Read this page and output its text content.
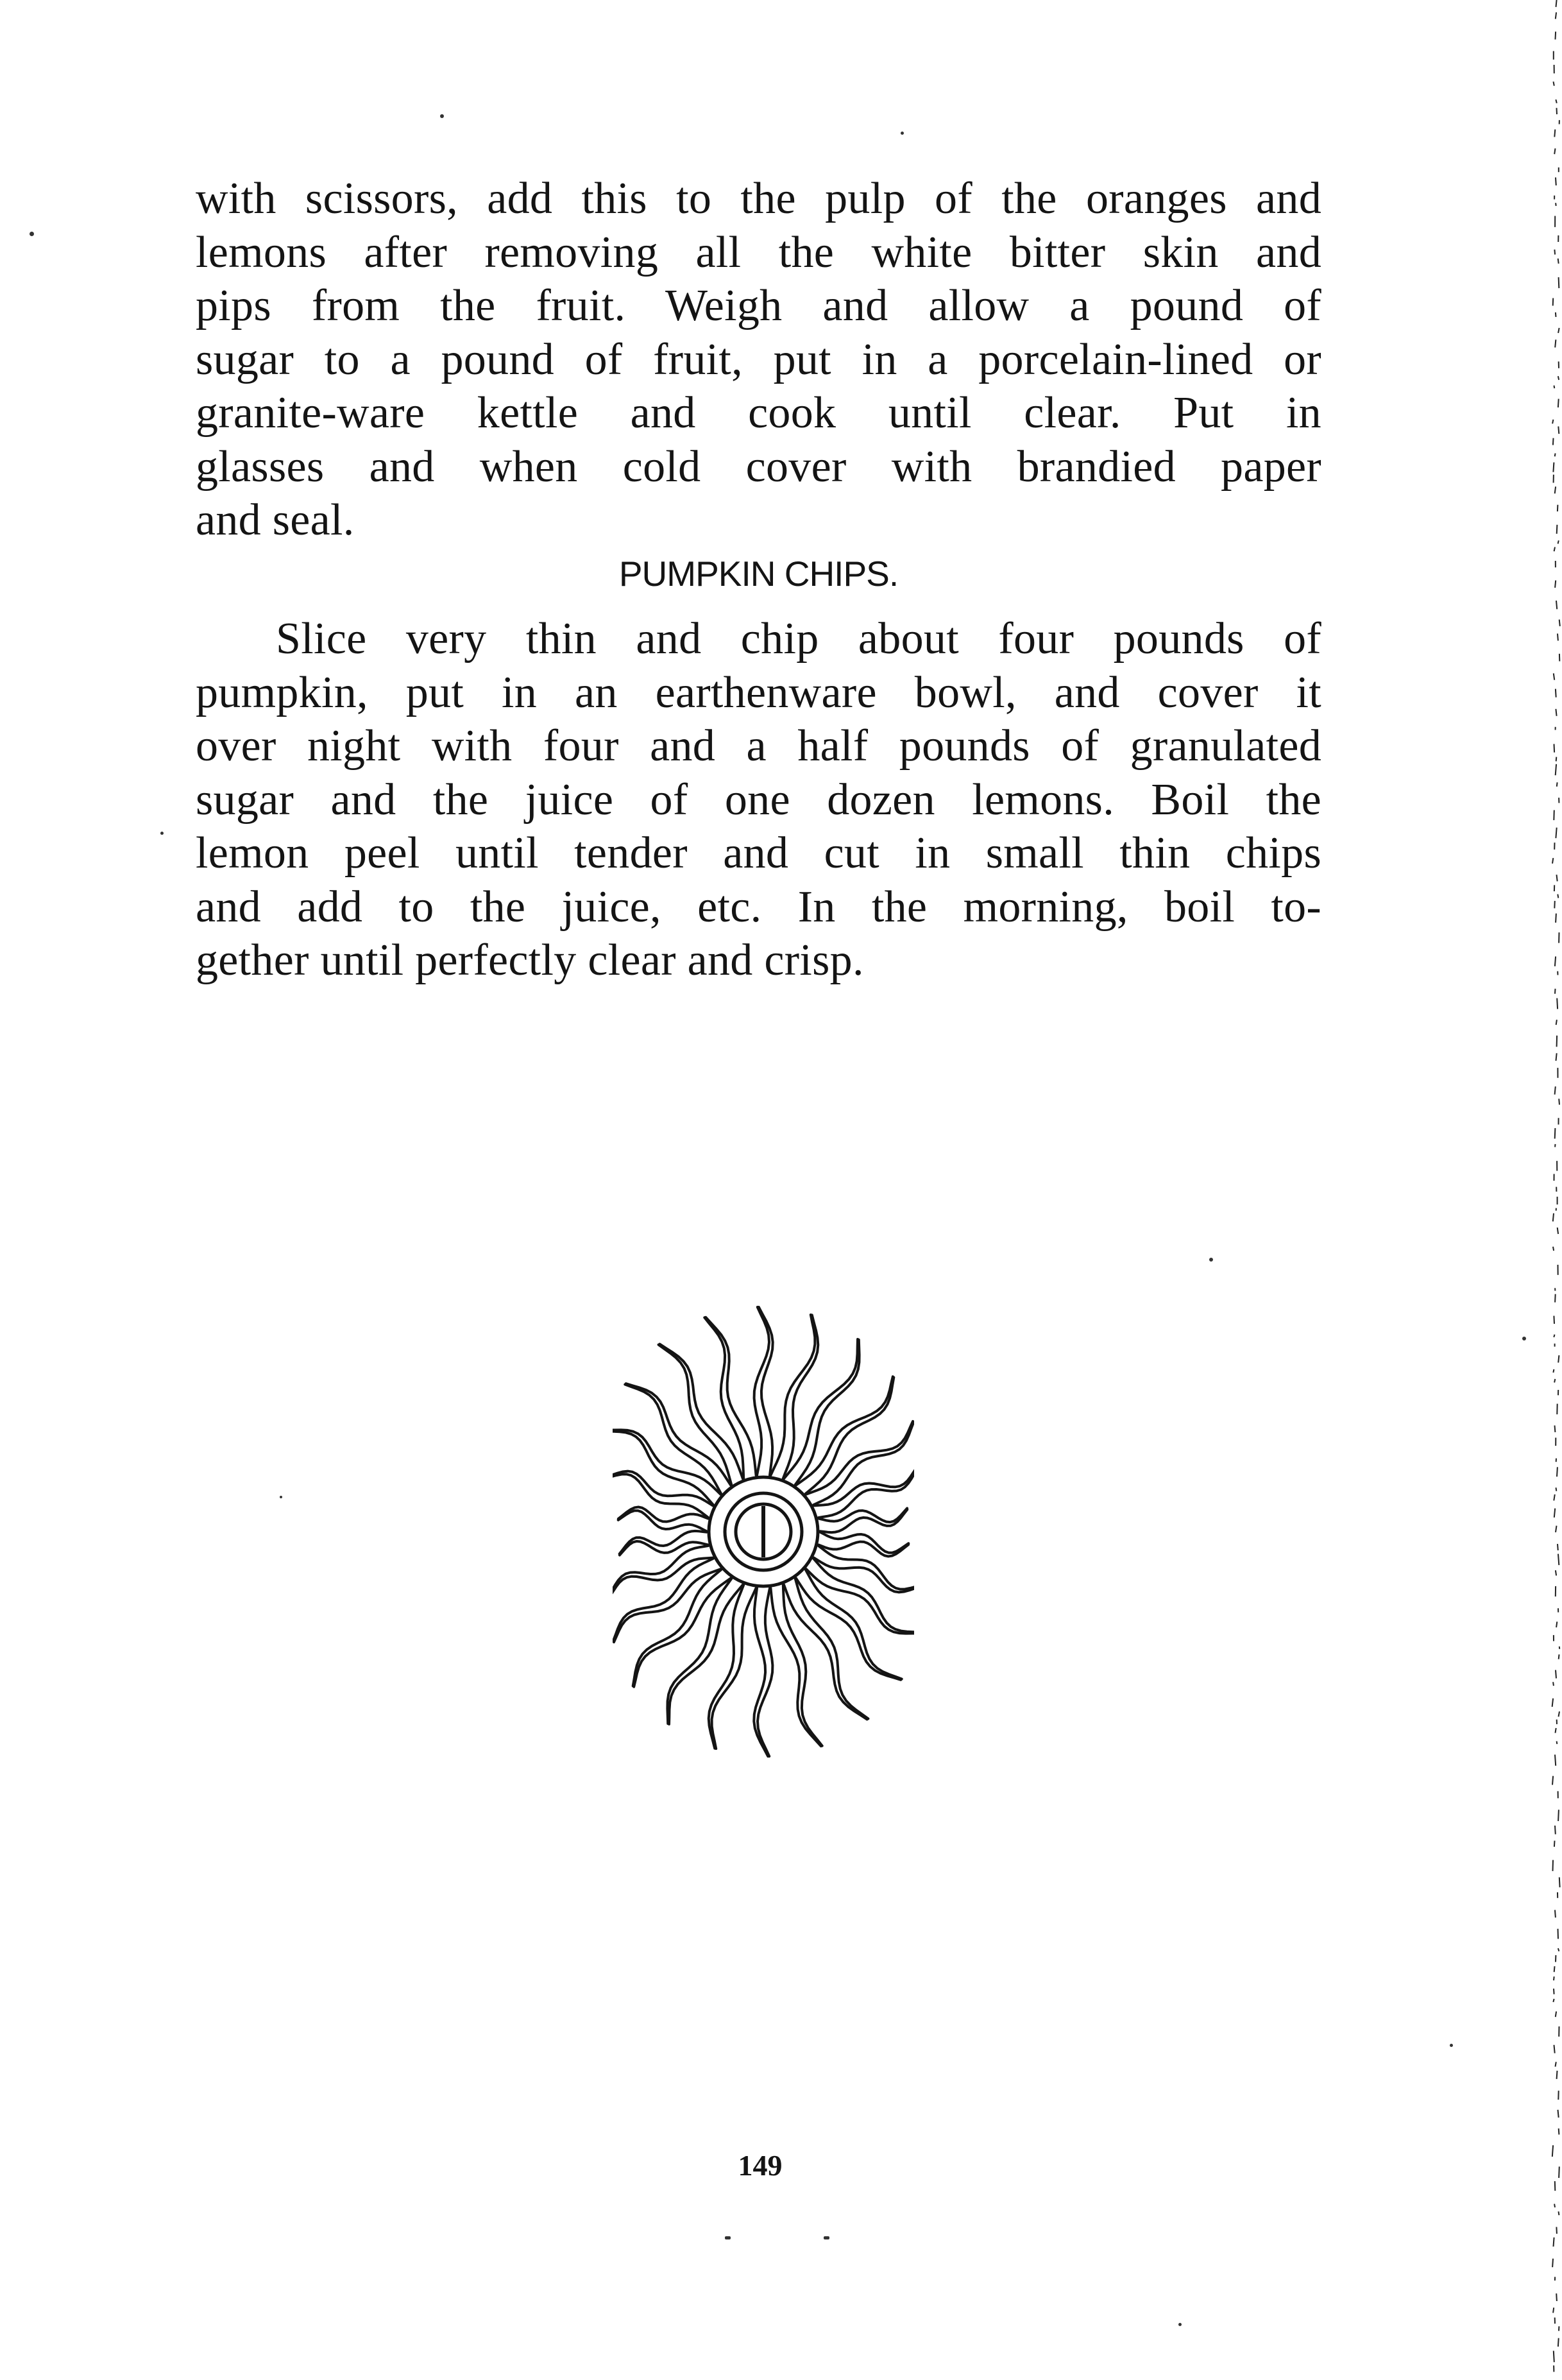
with scissors, add this to the pulp of the oranges and
lemons after removing all the white bitter skin and
pips from the fruit. Weigh and allow a pound of
sugar to a pound of fruit, put in a porcelain-lined or
granite-ware kettle and cook until clear. Put in
glasses and when cold cover with brandied paper
and seal.
PUMPKIN CHIPS.
Slice very thin and chip about four pounds of
pumpkin, put in an earthenware bowl, and cover it
over night with four and a half pounds of granulated
sugar and the juice of one dozen lemons. Boil the
lemon peel until tender and cut in small thin chips
and add to the juice, etc. In the morning, boil to-
gether until perfectly clear and crisp.
149
